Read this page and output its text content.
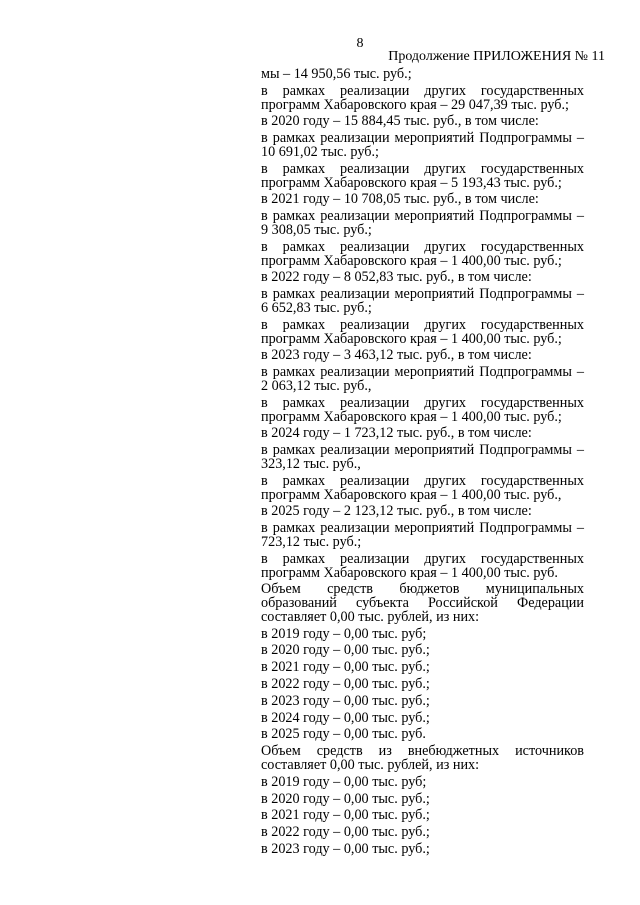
8
Продолжение ПРИЛОЖЕНИЯ № 11

мы – 14 950,56 тыс. руб.;

в рамках реализации других государственных программ Хабаровского края – 29 047,39 тыс. руб.;

в 2020 году – 15 884,45 тыс. руб., в том числе:

в рамках реализации мероприятий Подпрограммы – 10 691,02 тыс. руб.;

в рамках реализации других государственных программ Хабаровского края – 5 193,43 тыс. руб.;

в 2021 году – 10 708,05 тыс. руб., в том числе:

в рамках реализации мероприятий Подпрограммы – 9 308,05 тыс. руб.;

в рамках реализации других государственных программ Хабаровского края – 1 400,00 тыс. руб.;

в 2022 году – 8 052,83 тыс. руб., в том числе:

в рамках реализации мероприятий Подпрограммы – 6 652,83 тыс. руб.;

в рамках реализации других государственных программ Хабаровского края – 1 400,00 тыс. руб.;

в 2023 году – 3 463,12 тыс. руб., в том числе:

в рамках реализации мероприятий Подпрограммы – 2 063,12 тыс. руб.,

в рамках реализации других государственных программ Хабаровского края – 1 400,00 тыс. руб.;

в 2024 году – 1 723,12 тыс. руб., в том числе:

в рамках реализации мероприятий Подпрограммы – 323,12 тыс. руб.,

в рамках реализации других государственных программ Хабаровского края – 1 400,00 тыс. руб.,

в 2025 году – 2 123,12 тыс. руб., в том числе:

в рамках реализации мероприятий Подпрограммы – 723,12 тыс. руб.;

в рамках реализации других государственных программ Хабаровского края – 1 400,00 тыс. руб.

Объем средств бюджетов муниципальных образований субъекта Российской Федерации составляет 0,00 тыс. рублей, из них:

в 2019 году – 0,00 тыс. руб;

в 2020 году – 0,00 тыс. руб.;

в 2021 году – 0,00 тыс. руб.;

в 2022 году – 0,00 тыс. руб.;

в 2023 году – 0,00 тыс. руб.;

в 2024 году – 0,00 тыс. руб.;

в 2025 году – 0,00 тыс. руб.

Объем средств из внебюджетных источников составляет 0,00 тыс. рублей, из них:

в 2019 году – 0,00 тыс. руб;

в 2020 году – 0,00 тыс. руб.;

в 2021 году – 0,00 тыс. руб.;

в 2022 году – 0,00 тыс. руб.;

в 2023 году – 0,00 тыс. руб.;
